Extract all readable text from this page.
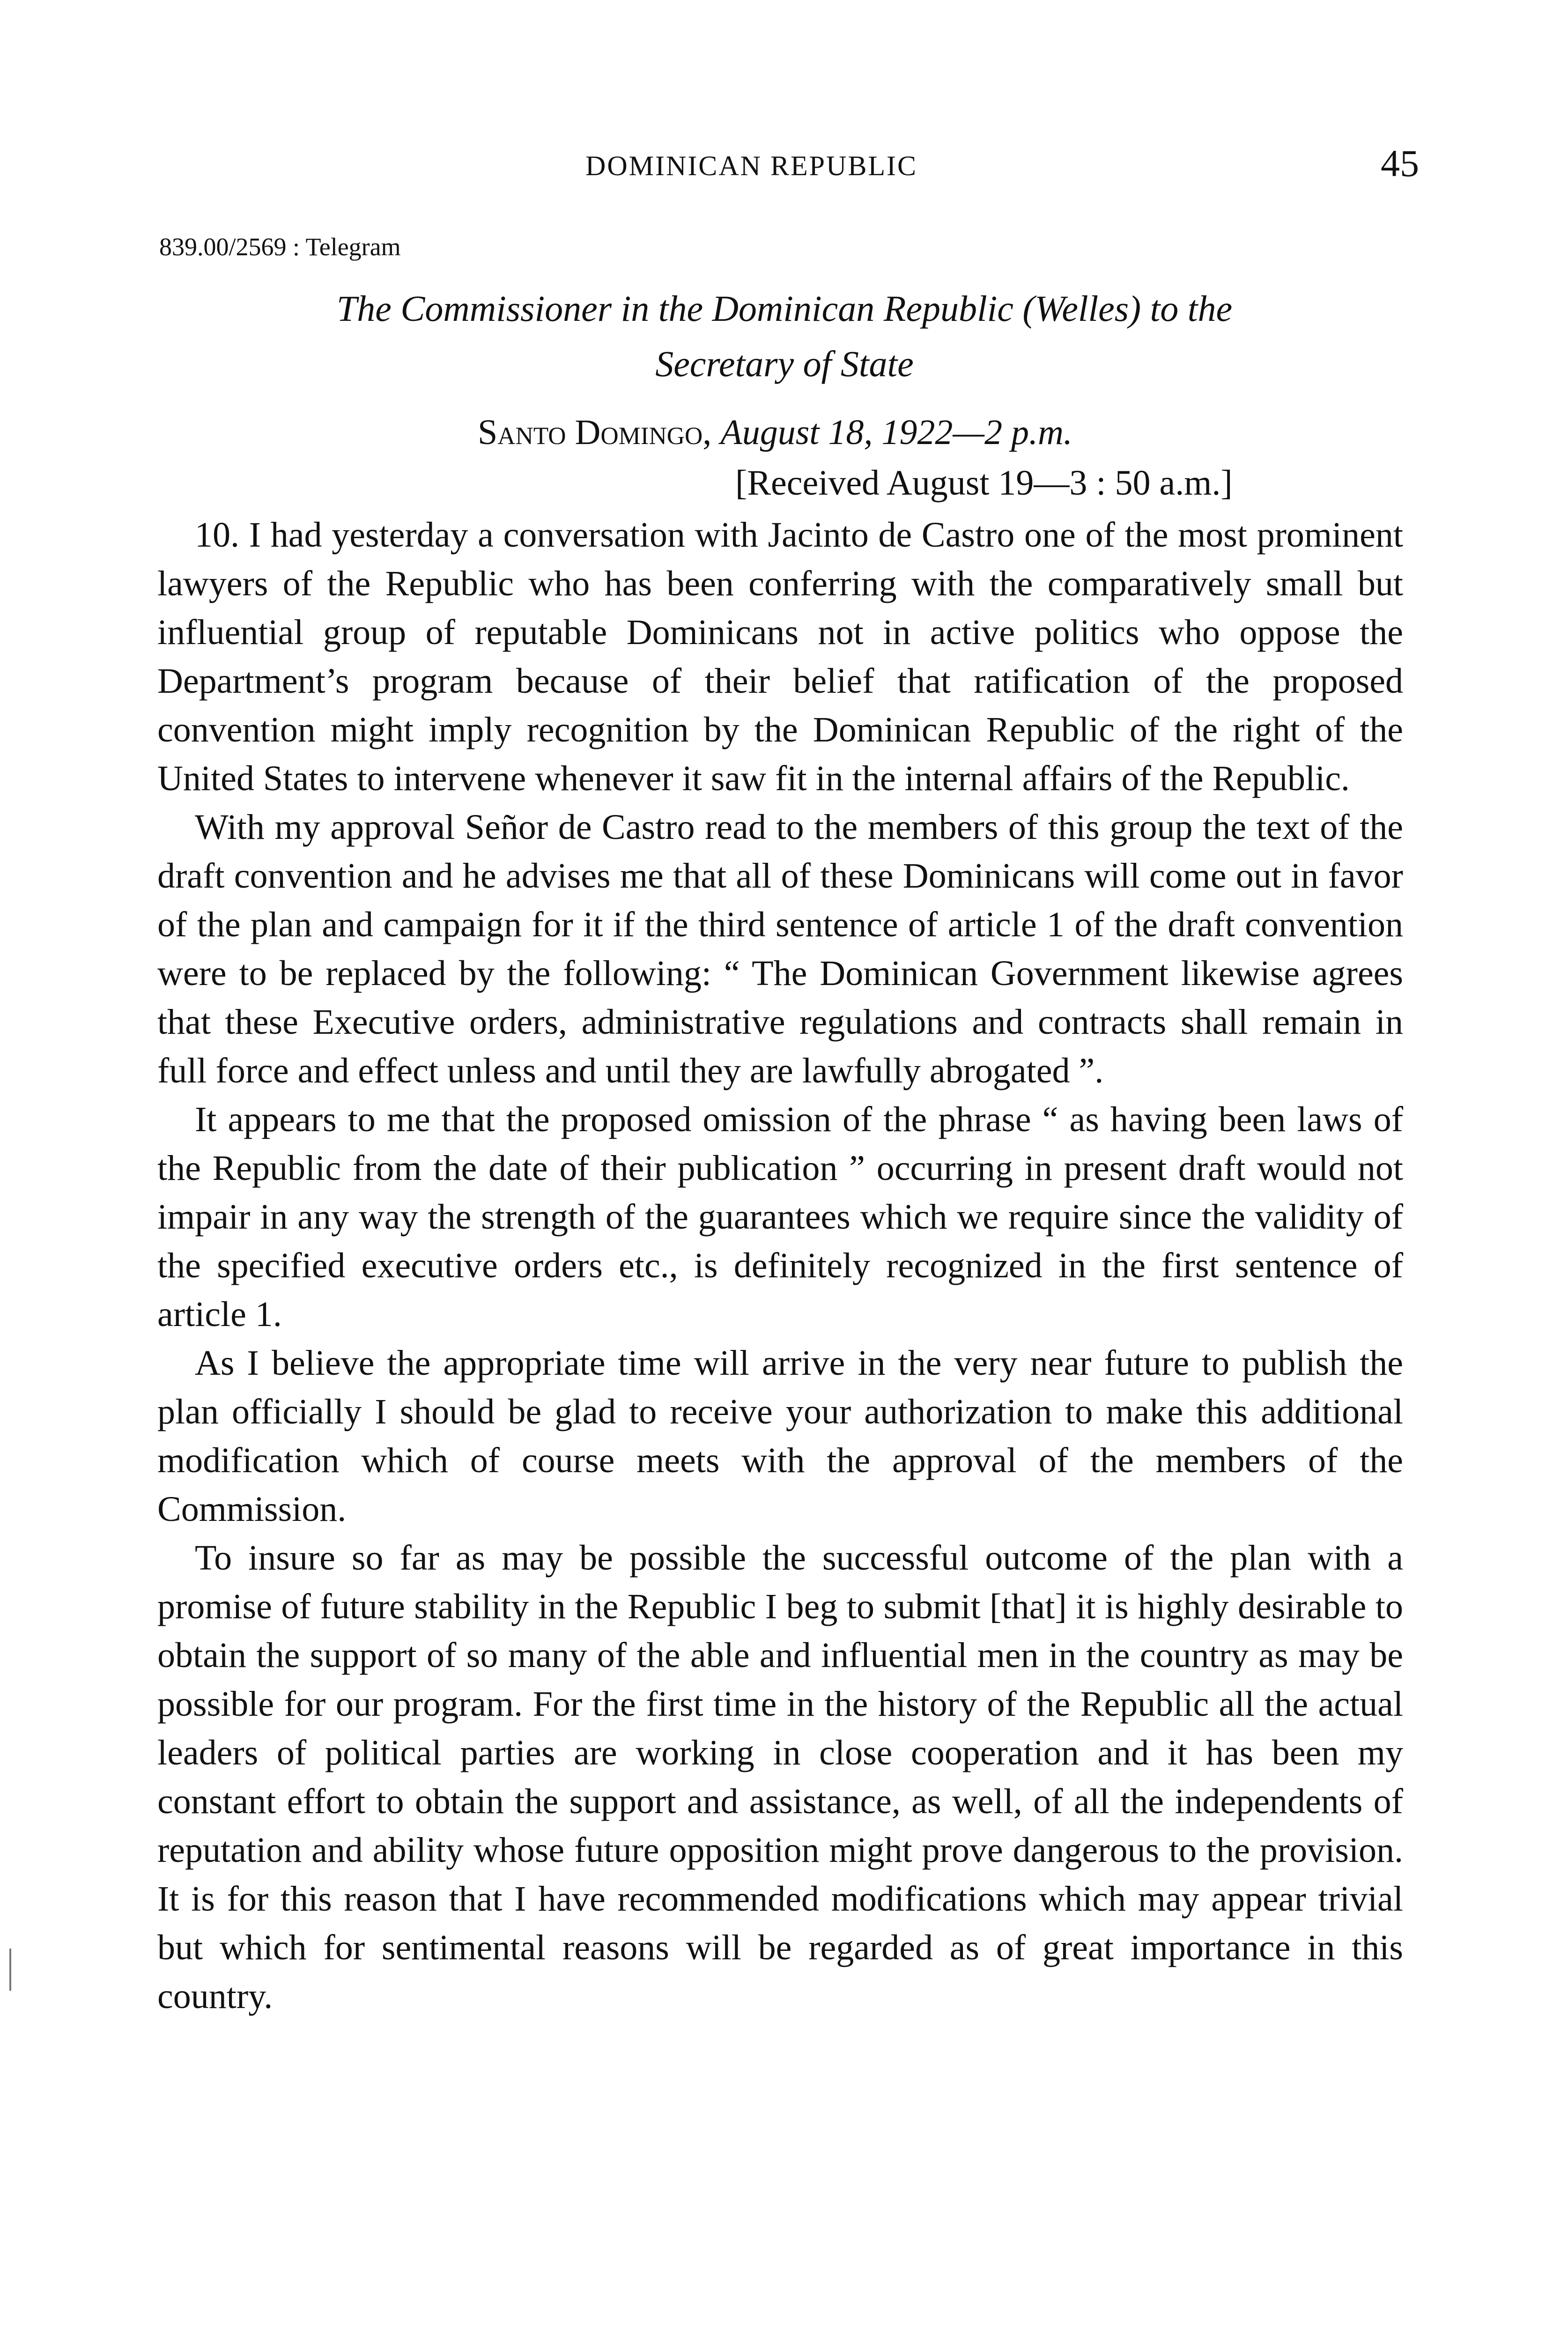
DOMINICAN REPUBLIC	45
839.00/2569 : Telegram
The Commissioner in the Dominican Republic (Welles) to the
Secretary of State
Santo Domingo, August 18, 1922—2 p.m.
[Received August 19—3 : 50 a.m.]

10. I had yesterday a conversation with Jacinto de Castro one of the most prominent lawyers of the Republic who has been conferring with the comparatively small but influential group of reputable Dominicans not in active politics who oppose the Department’s program because of their belief that ratification of the proposed convention might imply recognition by the Dominican Republic of the right of the United States to intervene whenever it saw fit in the internal affairs of the Republic.

With my approval Señor de Castro read to the members of this group the text of the draft convention and he advises me that all of these Dominicans will come out in favor of the plan and campaign for it if the third sentence of article 1 of the draft convention were to be replaced by the following: “ The Dominican Government likewise agrees that these Executive orders, administrative regulations and contracts shall remain in full force and effect unless and until they are lawfully abrogated ”.

It appears to me that the proposed omission of the phrase “ as having been laws of the Republic from the date of their publication ” occurring in present draft would not impair in any way the strength of the guarantees which we require since the validity of the specified executive orders etc., is definitely recognized in the first sentence of article 1.

As I believe the appropriate time will arrive in the very near future to publish the plan officially I should be glad to receive your authorization to make this additional modification which of course meets with the approval of the members of the Commission.

To insure so far as may be possible the successful outcome of the plan with a promise of future stability in the Republic I beg to submit [that] it is highly desirable to obtain the support of so many of the able and influential men in the country as may be possible for our program. For the first time in the history of the Republic all the actual leaders of political parties are working in close cooperation and it has been my constant effort to obtain the support and assistance, as well, of all the independents of reputation and ability whose future opposition might prove dangerous to the provision. It is for this reason that I have recommended modifications which may appear trivial but which for sentimental reasons will be regarded as of great importance in this country.
